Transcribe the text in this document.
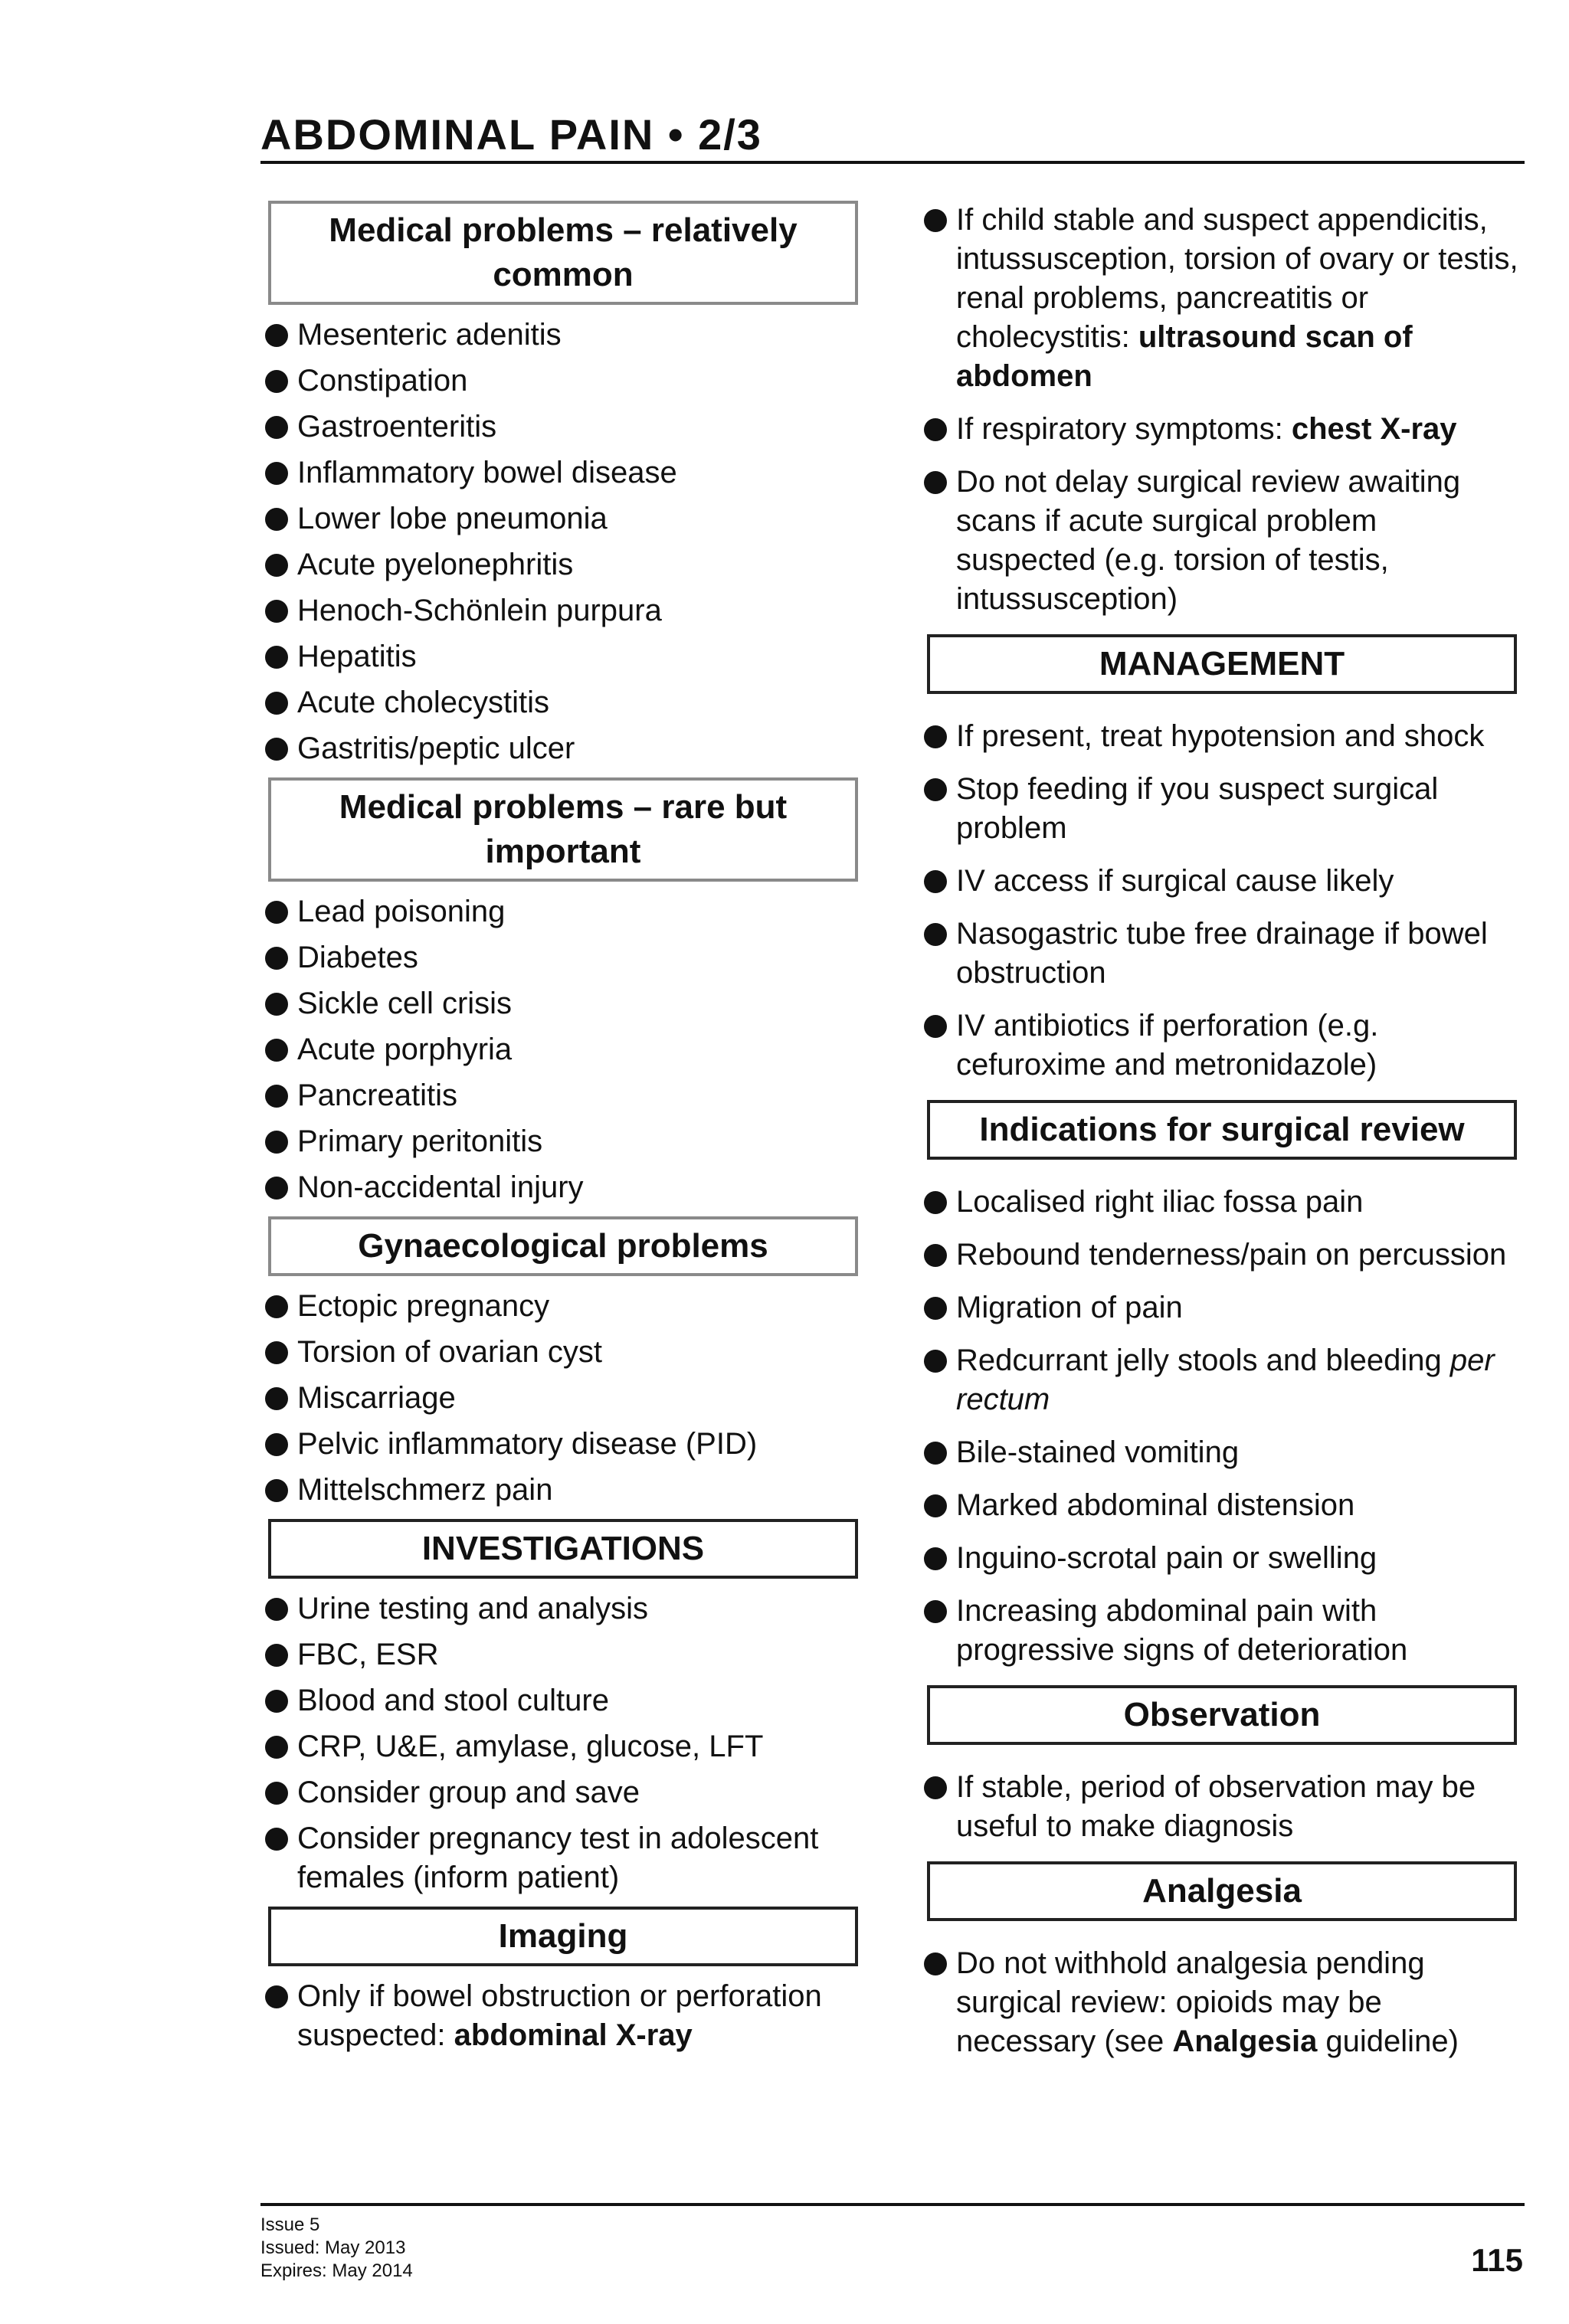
ABDOMINAL PAIN • 2/3
Medical problems – relatively common
Mesenteric adenitis
Constipation
Gastroenteritis
Inflammatory bowel disease
Lower lobe pneumonia
Acute pyelonephritis
Henoch-Schönlein purpura
Hepatitis
Acute cholecystitis
Gastritis/peptic ulcer
Medical problems – rare but important
Lead poisoning
Diabetes
Sickle cell crisis
Acute porphyria
Pancreatitis
Primary peritonitis
Non-accidental injury
Gynaecological problems
Ectopic pregnancy
Torsion of ovarian cyst
Miscarriage
Pelvic inflammatory disease (PID)
Mittelschmerz pain
INVESTIGATIONS
Urine testing and analysis
FBC, ESR
Blood and stool culture
CRP, U&E, amylase, glucose, LFT
Consider group and save
Consider pregnancy test in adolescent females (inform patient)
Imaging
Only if bowel obstruction or perforation suspected: abdominal X-ray
If child stable and suspect appendicitis, intussusception, torsion of ovary or testis, renal problems, pancreatitis or cholecystitis: ultrasound scan of abdomen
If respiratory symptoms: chest X-ray
Do not delay surgical review awaiting scans if acute surgical problem suspected (e.g. torsion of testis, intussusception)
MANAGEMENT
If present, treat hypotension and shock
Stop feeding if you suspect surgical problem
IV access if surgical cause likely
Nasogastric tube free drainage if bowel obstruction
IV antibiotics if perforation (e.g. cefuroxime and metronidazole)
Indications for surgical review
Localised right iliac fossa pain
Rebound tenderness/pain on percussion
Migration of pain
Redcurrant jelly stools and bleeding per rectum
Bile-stained vomiting
Marked abdominal distension
Inguino-scrotal pain or swelling
Increasing abdominal pain with progressive signs of deterioration
Observation
If stable, period of observation may be useful to make diagnosis
Analgesia
Do not withhold analgesia pending surgical review: opioids may be necessary (see Analgesia guideline)
Issue 5
Issued: May 2013
Expires: May 2014	115
